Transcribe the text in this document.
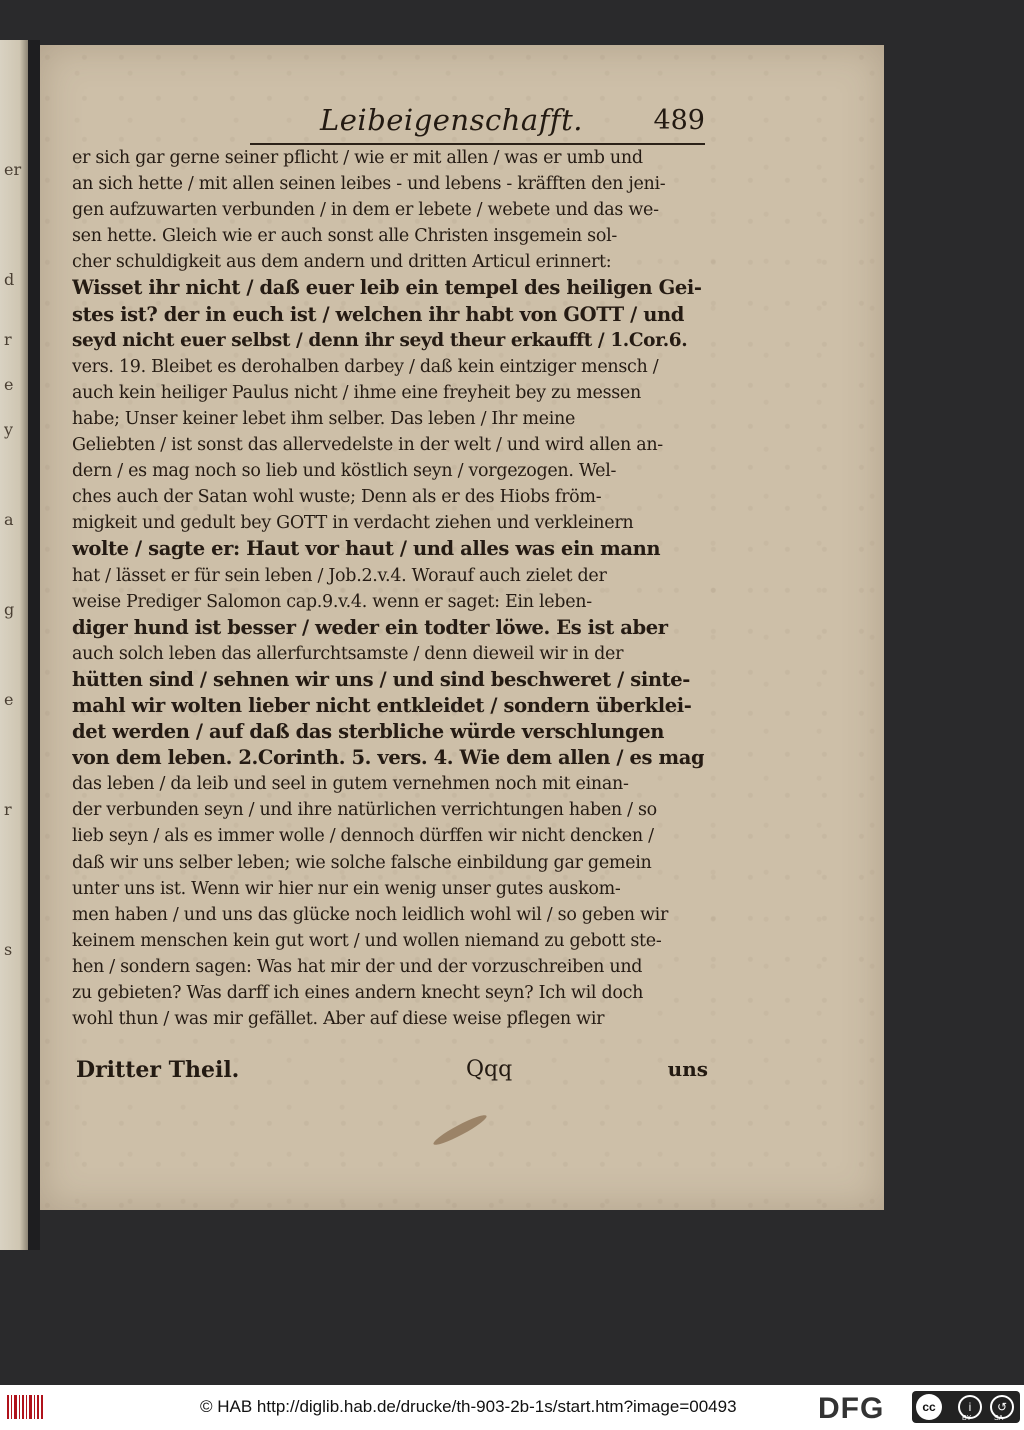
er
d
r
e
y
a
g
e
r
s
Leibeigenschafft.	489
er sich gar gerne seiner pflicht / wie er mit allen / was er umb und
an sich hette / mit allen seinen leibes - und lebens - kräfften den jeni-
gen aufzuwarten verbunden / in dem er lebete / webete und das we-
sen hette. Gleich wie er auch sonst alle Christen insgemein sol-
cher schuldigkeit aus dem andern und dritten Articul erinnert:
Wisset ihr nicht / daß euer leib ein tempel des heiligen Gei-
stes ist? der in euch ist / welchen ihr habt von GOTT / und
seyd nicht euer selbst / denn ihr seyd theur erkaufft / 1.Cor.6.
vers. 19. Bleibet es derohalben darbey / daß kein eintziger mensch /
auch kein heiliger Paulus nicht / ihme eine freyheit bey zu messen
habe; Unser keiner lebet ihm selber. Das leben / Ihr meine
Geliebten / ist sonst das allervedelste in der welt / und wird allen an-
dern / es mag noch so lieb und köstlich seyn / vorgezogen. Wel-
ches auch der Satan wohl wuste; Denn als er des Hiobs fröm-
migkeit und gedult bey GOTT in verdacht ziehen und verkleinern
wolte / sagte er: Haut vor haut / und alles was ein mann
hat / lässet er für sein leben / Job.2.v.4. Worauf auch zielet der
weise Prediger Salomon cap.9.v.4. wenn er saget: Ein leben-
diger hund ist besser / weder ein todter löwe. Es ist aber
auch solch leben das allerfurchtsamste / denn dieweil wir in der
hütten sind / sehnen wir uns / und sind beschweret / sinte-
mahl wir wolten lieber nicht entkleidet / sondern überklei-
det werden / auf daß das sterbliche würde verschlungen
von dem leben. 2.Corinth. 5. vers. 4. Wie dem allen / es mag
das leben / da leib und seel in gutem vernehmen noch mit einan-
der verbunden seyn / und ihre natürlichen verrichtungen haben / so
lieb seyn / als es immer wolle / dennoch dürffen wir nicht dencken /
daß wir uns selber leben; wie solche falsche einbildung gar gemein
unter uns ist. Wenn wir hier nur ein wenig unser gutes auskom-
men haben / und uns das glücke noch leidlich wohl wil / so geben wir
keinem menschen kein gut wort / und wollen niemand zu gebott ste-
hen / sondern sagen: Was hat mir der und der vorzuschreiben und
zu gebieten? Was darff ich eines andern knecht seyn? Ich wil doch
wohl thun / was mir gefället. Aber auf diese weise pflegen wir
Dritter Theil.	Qqq	uns
© HAB http://diglib.hab.de/drucke/th-903-2b-1s/start.htm?image=00493	DFG	cc	i	↺
BY	SA
